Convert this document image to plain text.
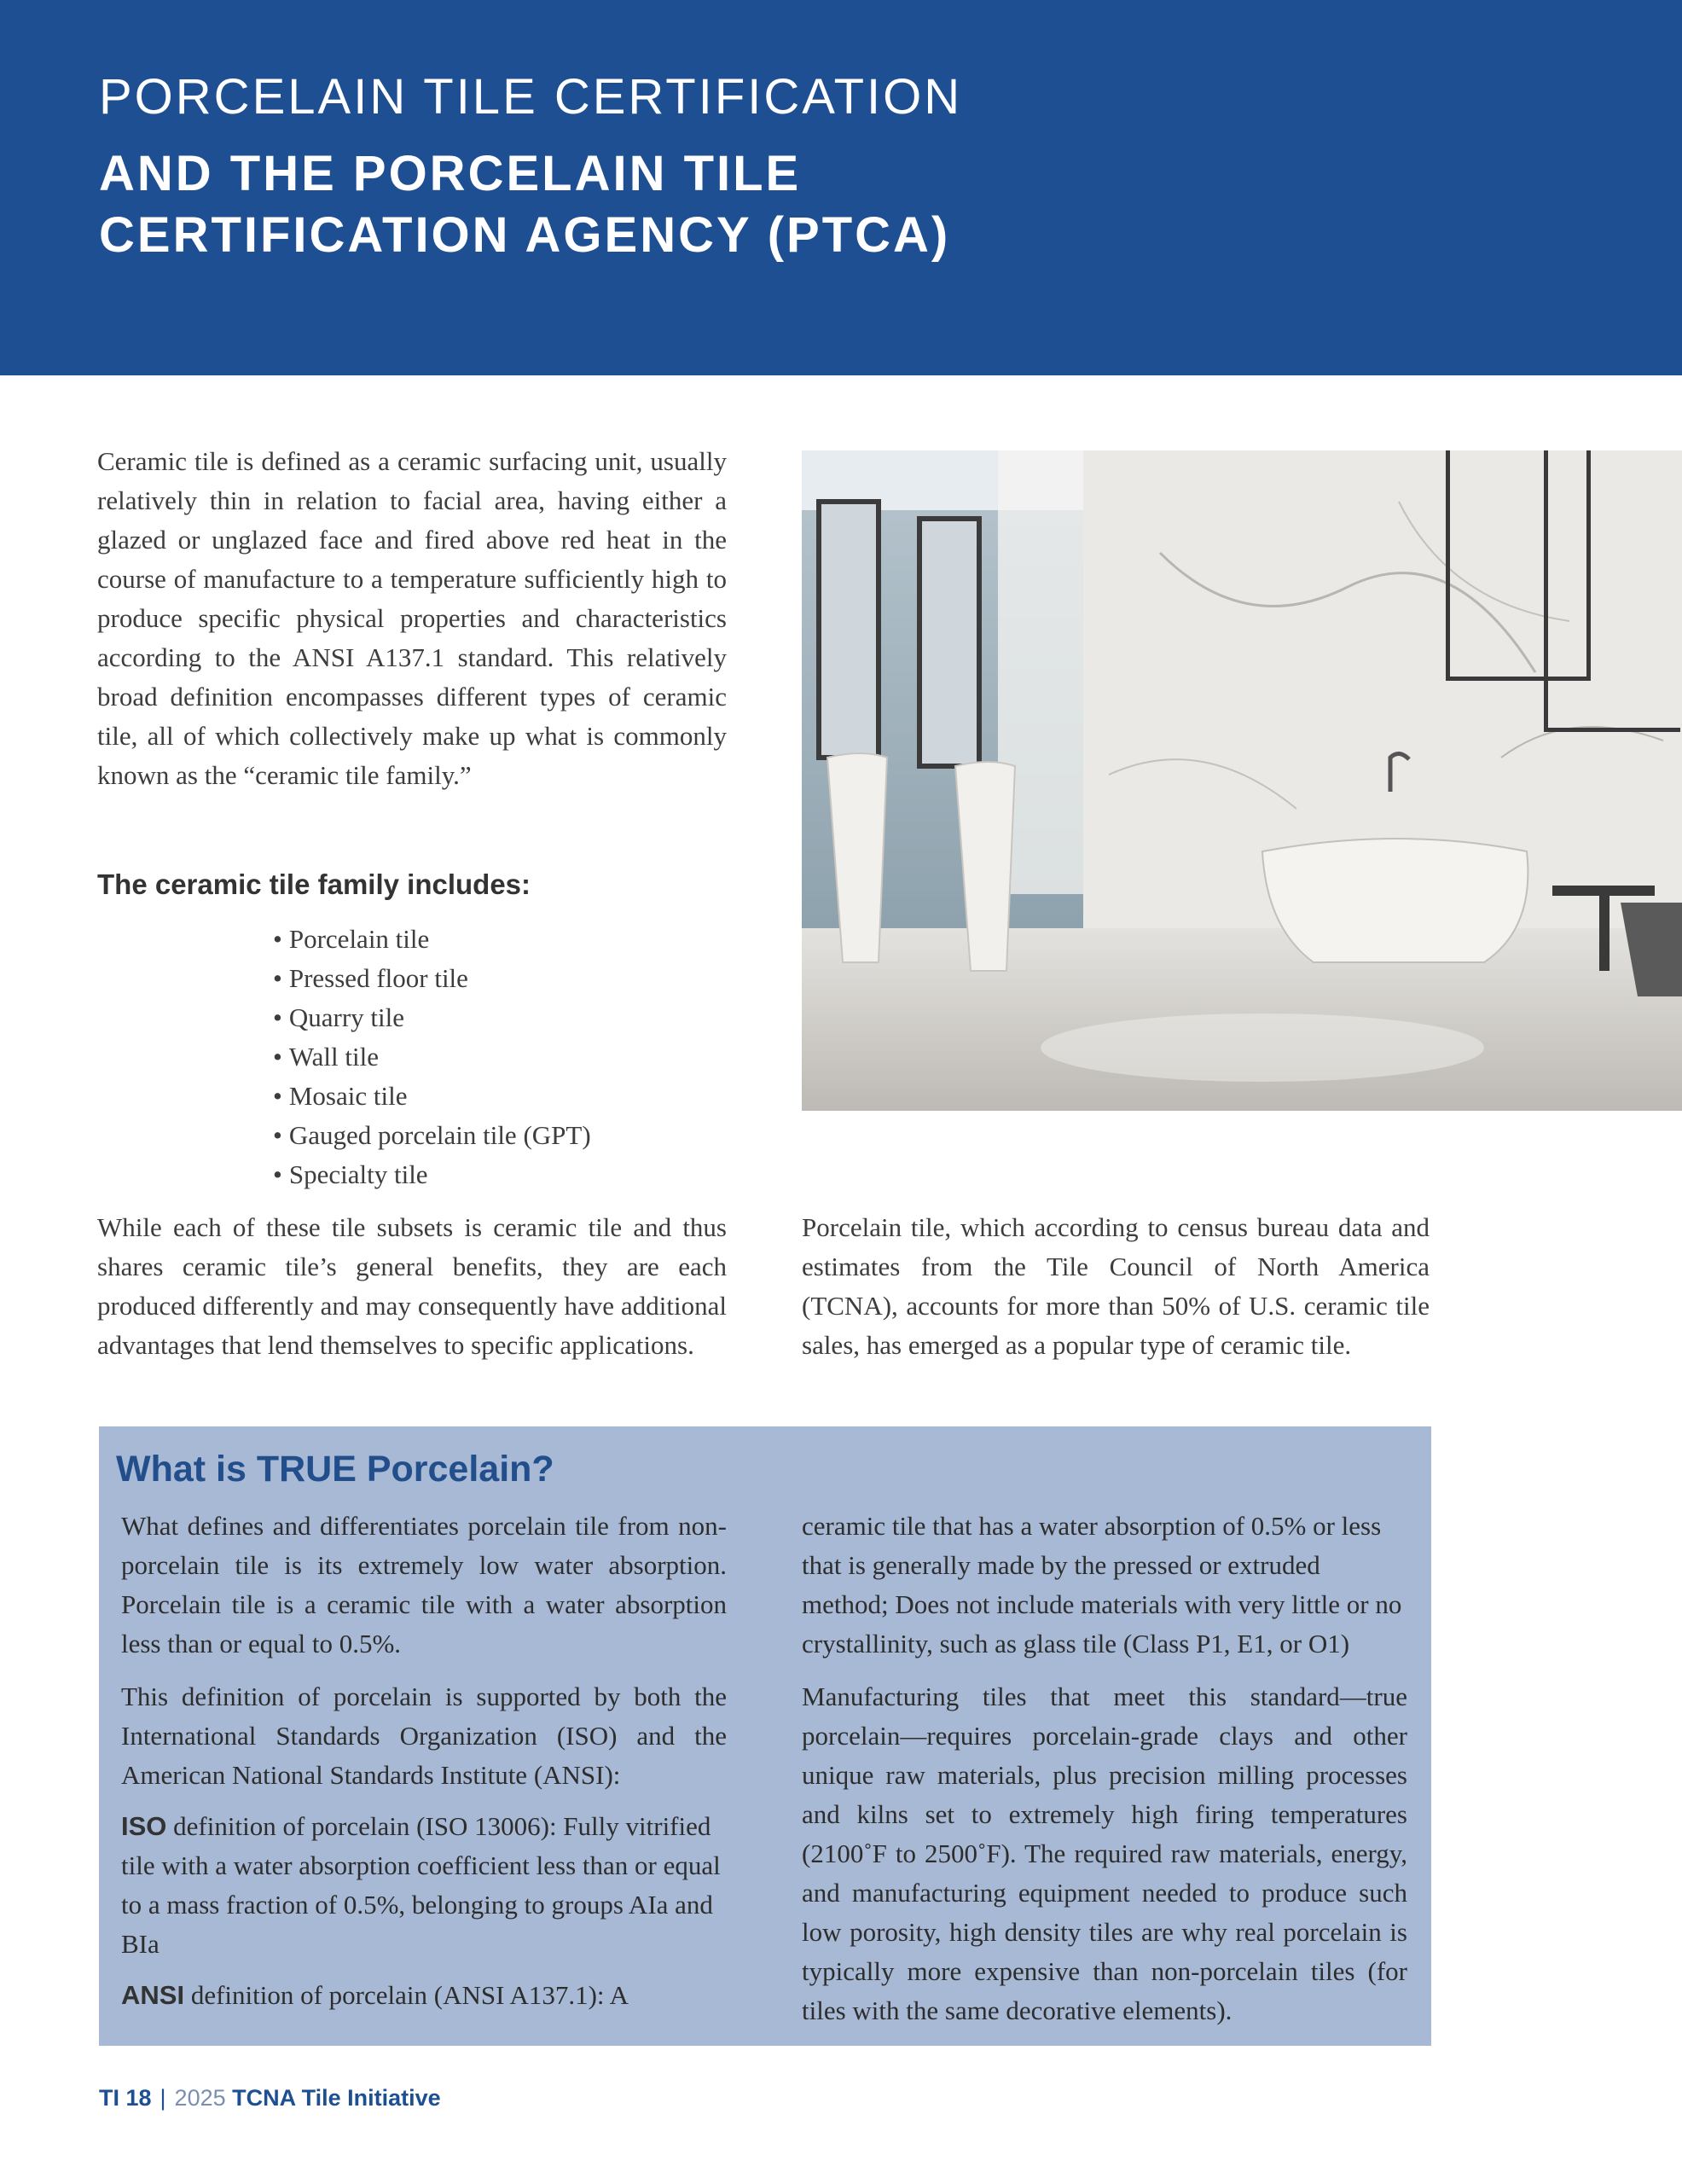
PORCELAIN TILE CERTIFICATION
AND THE PORCELAIN TILE
CERTIFICATION AGENCY (PTCA)

Ceramic tile is defined as a ceramic surfacing unit, usually relatively thin in relation to facial area, having either a glazed or unglazed face and fired above red heat in the course of manufacture to a temperature sufficiently high to produce specific physical properties and characteristics according to the ANSI A137.1 standard. This relatively broad definition encompasses different types of ceramic tile, all of which collectively make up what is commonly known as the “ceramic tile family.”

The ceramic tile family includes:
• Porcelain tile
• Pressed floor tile
• Quarry tile
• Wall tile
• Mosaic tile
• Gauged porcelain tile (GPT)
• Specialty tile

While each of these tile subsets is ceramic tile and thus shares ceramic tile’s general benefits, they are each produced differently and may consequently have additional advantages that lend themselves to specific applications.

Porcelain tile, which according to census bureau data and estimates from the Tile Council of North America (TCNA), accounts for more than 50% of U.S. ceramic tile sales, has emerged as a popular type of ceramic tile.

What is TRUE Porcelain?

What defines and differentiates porcelain tile from non-porcelain tile is its extremely low water absorption. Porcelain tile is a ceramic tile with a water absorption less than or equal to 0.5%.

This definition of porcelain is supported by both the International Standards Organization (ISO) and the American National Standards Institute (ANSI):

ISO definition of porcelain (ISO 13006): Fully vitrified tile with a water absorption coefficient less than or equal to a mass fraction of 0.5%, belonging to groups AIa and BIa

ANSI definition of porcelain (ANSI A137.1): A

ceramic tile that has a water absorption of 0.5% or less that is generally made by the pressed or extruded method; Does not include materials with very little or no crystallinity, such as glass tile (Class P1, E1, or O1)

Manufacturing tiles that meet this standard—true porcelain—requires porcelain-grade clays and other unique raw materials, plus precision milling processes and kilns set to extremely high firing temperatures (2100˚F to 2500˚F). The required raw materials, energy, and manufacturing equipment needed to produce such low porosity, high density tiles are why real porcelain is typically more expensive than non-porcelain tiles (for tiles with the same decorative elements).

TI 18 | 2025 TCNA Tile Initiative
